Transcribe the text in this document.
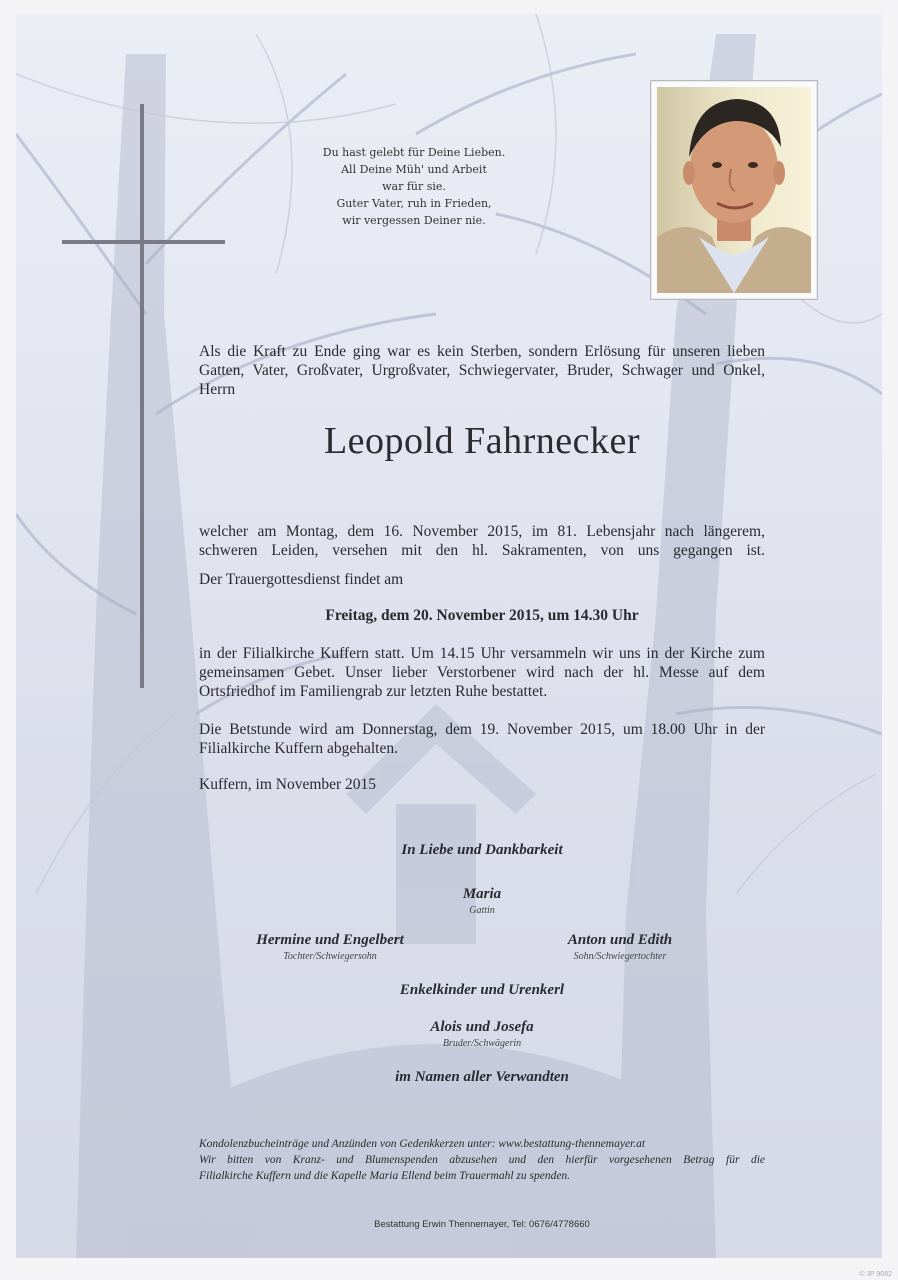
Du hast gelebt für Deine Lieben.
All Deine Müh' und Arbeit
war für sie.
Guter Vater, ruh in Frieden,
wir vergessen Deiner nie.
Als die Kraft zu Ende ging war es kein Sterben, sondern Erlösung für unseren lieben
Gatten, Vater, Großvater, Urgroßvater, Schwiegervater, Bruder, Schwager und Onkel,
Herrn
Leopold Fahrnecker
welcher am Montag, dem 16. November 2015, im 81. Lebensjahr nach längerem,
schweren Leiden, versehen mit den hl. Sakramenten, von uns gegangen ist.
Der Trauergottesdienst findet am
Freitag, dem 20. November 2015, um 14.30 Uhr
in der Filialkirche Kuffern statt. Um 14.15 Uhr versammeln wir uns in der Kirche zum
gemeinsamen Gebet. Unser lieber Verstorbener wird nach der hl. Messe auf dem
Ortsfriedhof im Familiengrab zur letzten Ruhe bestattet.
Die Betstunde wird am Donnerstag, dem 19. November 2015, um 18.00 Uhr in der
Filialkirche Kuffern abgehalten.
Kuffern, im November 2015
In Liebe und Dankbarkeit
Maria
Gattin
Hermine und Engelbert
Tochter/Schwiegersohn
Anton und Edith
Sohn/Schwiegertochter
Enkelkinder und Urenkerl
Alois und Josefa
Bruder/Schwägerin
im Namen aller Verwandten
Kondolenzbucheinträge und Anzünden von Gedenkkerzen unter: www.bestattung-thennemayer.at
Wir bitten von Kranz- und Blumenspenden abzusehen und den hierfür vorgesehenen Betrag für die
Filialkirche Kuffern und die Kapelle Maria Ellend beim Trauermahl zu spenden.
Bestattung Erwin Thennemayer, Tel: 0676/4778660
© JP 9082
